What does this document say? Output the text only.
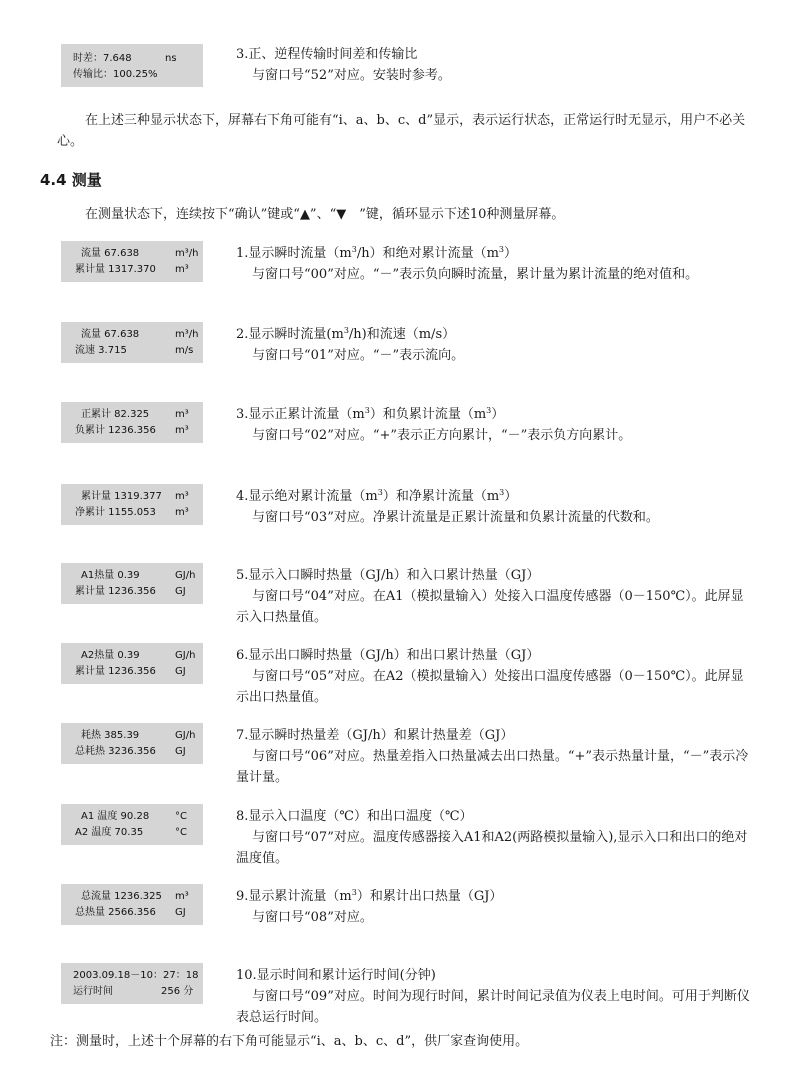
时差：7.648	ns
传输比：100.25%

3.正、逆程传输时间差和传输比

与窗口号“52”对应。安装时参考。

在上述三种显示状态下，屏幕右下角可能有“i、a、b、c、d”显示，表示运行状态，正常运行时无显示，用户不必关心。

4.4 测量

在测量状态下，连续按下“确认”键或“▲”、“▼　”键，循环显示下述10种测量屏幕。

流量 67.638	m³/h
累计量 1317.370 m³

1.显示瞬时流量$(m^3/h)$和绝对累计流量$(m^3)$

与窗口号“00”对应。“－”表示负向瞬时流量，累计量为累计流量的绝对值和。

流量 67.638	m³/h
流速 3.715	m/s

2.显示瞬时流量$(m^3/h)$和流速（m/s）

与窗口号“01”对应。“－”表示流向。

正累计 82.325	m³
负累计 1236.356 m³

3.显示正累计流量$(m^3)$和负累计流量$(m^3)$

与窗口号“02”对应。“+”表示正方向累计，“－”表示负方向累计。

累计量 1319.377 m³
净累计 1155.053 m³

4.显示绝对累计流量$(m^3)$和净累计流量$(m^3)$

与窗口号“03”对应。净累计流量是正累计流量和负累计流量的代数和。

A1热量 0.39	GJ/h
累计量 1236.356 GJ

5.显示入口瞬时热量（GJ/h）和入口累计热量（GJ）

与窗口号“04”对应。在A1（模拟量输入）处接入口温度传感器（0－150℃）。此屏显示入口热量值。

A2热量 0.39	GJ/h
累计量 1236.356 GJ

6.显示出口瞬时热量（GJ/h）和出口累计热量（GJ）

与窗口号“05”对应。在A2（模拟量输入）处接出口温度传感器（0－150℃）。此屏显示出口热量值。

耗热 385.39	GJ/h
总耗热 3236.356 GJ

7.显示瞬时热量差（GJ/h）和累计热量差（GJ）

与窗口号“06”对应。热量差指入口热量减去出口热量。“+”表示热量计量，“－”表示冷量计量。

A1 温度 90.28	°C
A2 温度 70.35	°C

8.显示入口温度（℃）和出口温度（℃）

与窗口号“07”对应。温度传感器接入A1和A2(两路模拟量输入),显示入口和出口的绝对温度值。

总流量 1236.325 m³
总热量 2566.356 GJ

9.显示累计流量$(m^3)$和累计出口热量（GJ）

与窗口号“08”对应。

2003.09.18－10：27：18
运行时间	256 分

10.显示时间和累计运行时间(分钟)

与窗口号“09”对应。时间为现行时间，累计时间记录值为仪表上电时间。可用于判断仪表总运行时间。

注：测量时，上述十个屏幕的右下角可能显示“i、a、b、c、d”，供厂家查询使用。
